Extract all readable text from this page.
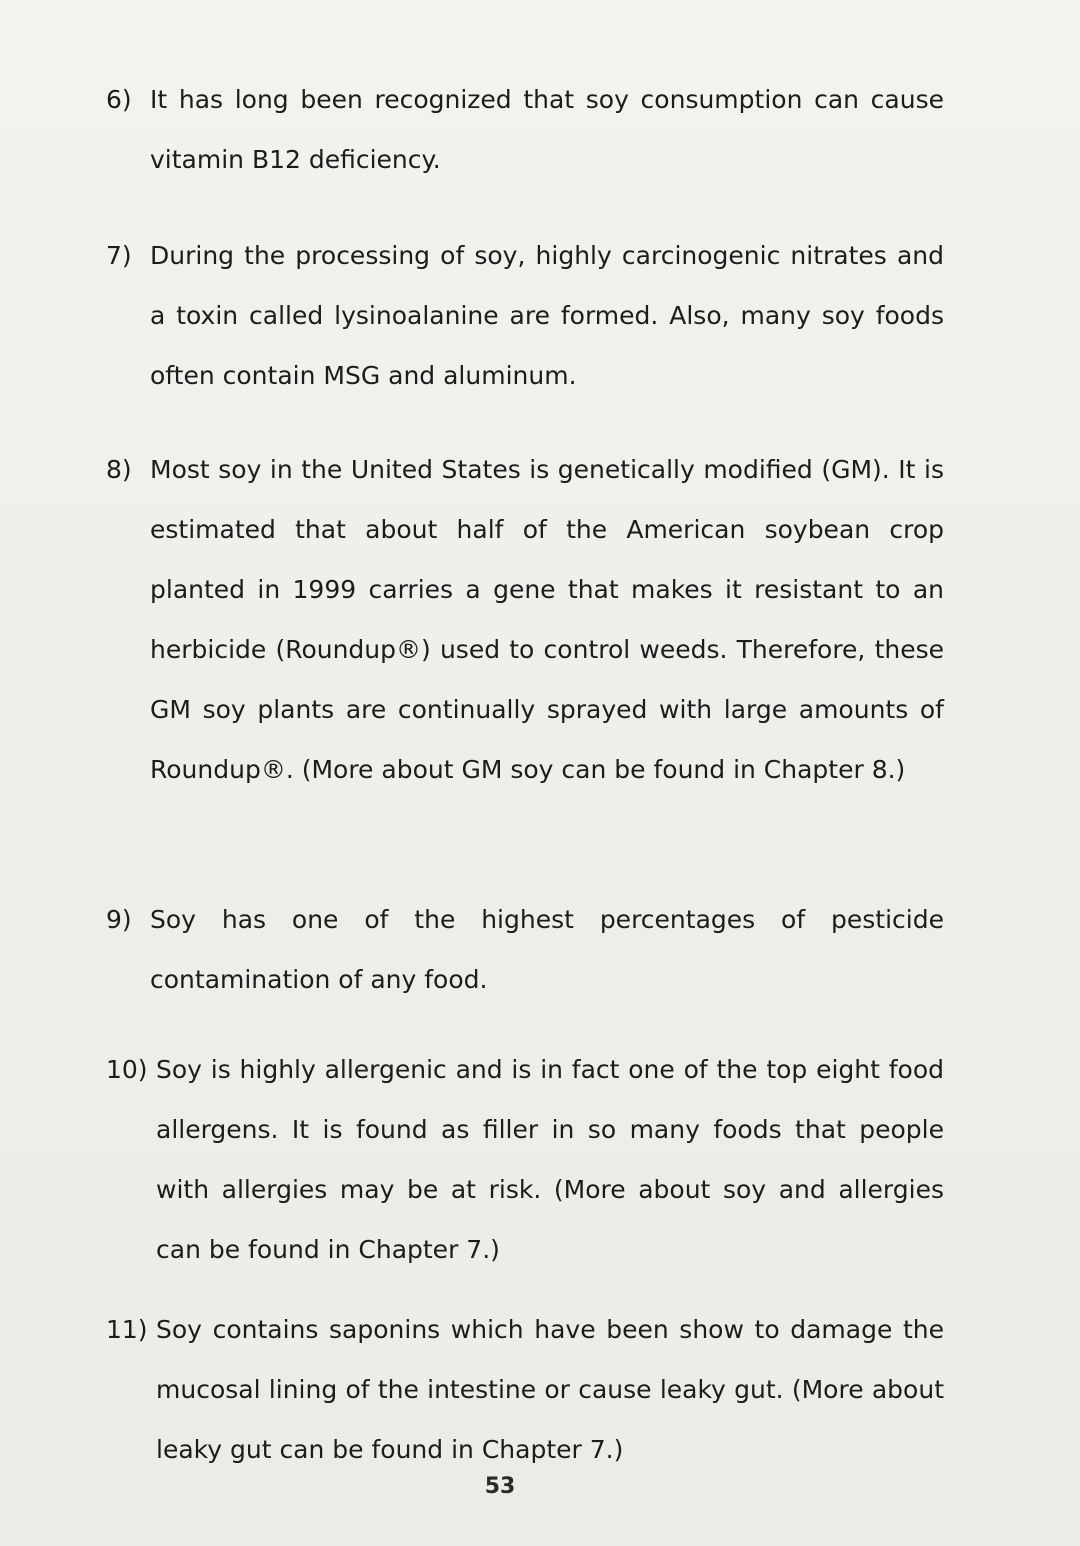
6) It has long been recognized that soy consumption can cause vitamin B12 deficiency.
7) During the processing of soy, highly carcinogenic nitrates and a toxin called lysinoalanine are formed. Also, many soy foods often contain MSG and aluminum.
8) Most soy in the United States is genetically modified (GM). It is estimated that about half of the American soybean crop planted in 1999 carries a gene that makes it resistant to an herbicide (Roundup®) used to control weeds. Therefore, these GM soy plants are continually sprayed with large amounts of Roundup®. (More about GM soy can be found in Chapter 8.)
9) Soy has one of the highest percentages of pesticide contamination of any food.
10) Soy is highly allergenic and is in fact one of the top eight food allergens. It is found as filler in so many foods that people with allergies may be at risk. (More about soy and allergies can be found in Chapter 7.)
11) Soy contains saponins which have been show to damage the mucosal lining of the intestine or cause leaky gut. (More about leaky gut can be found in Chapter 7.)
53
